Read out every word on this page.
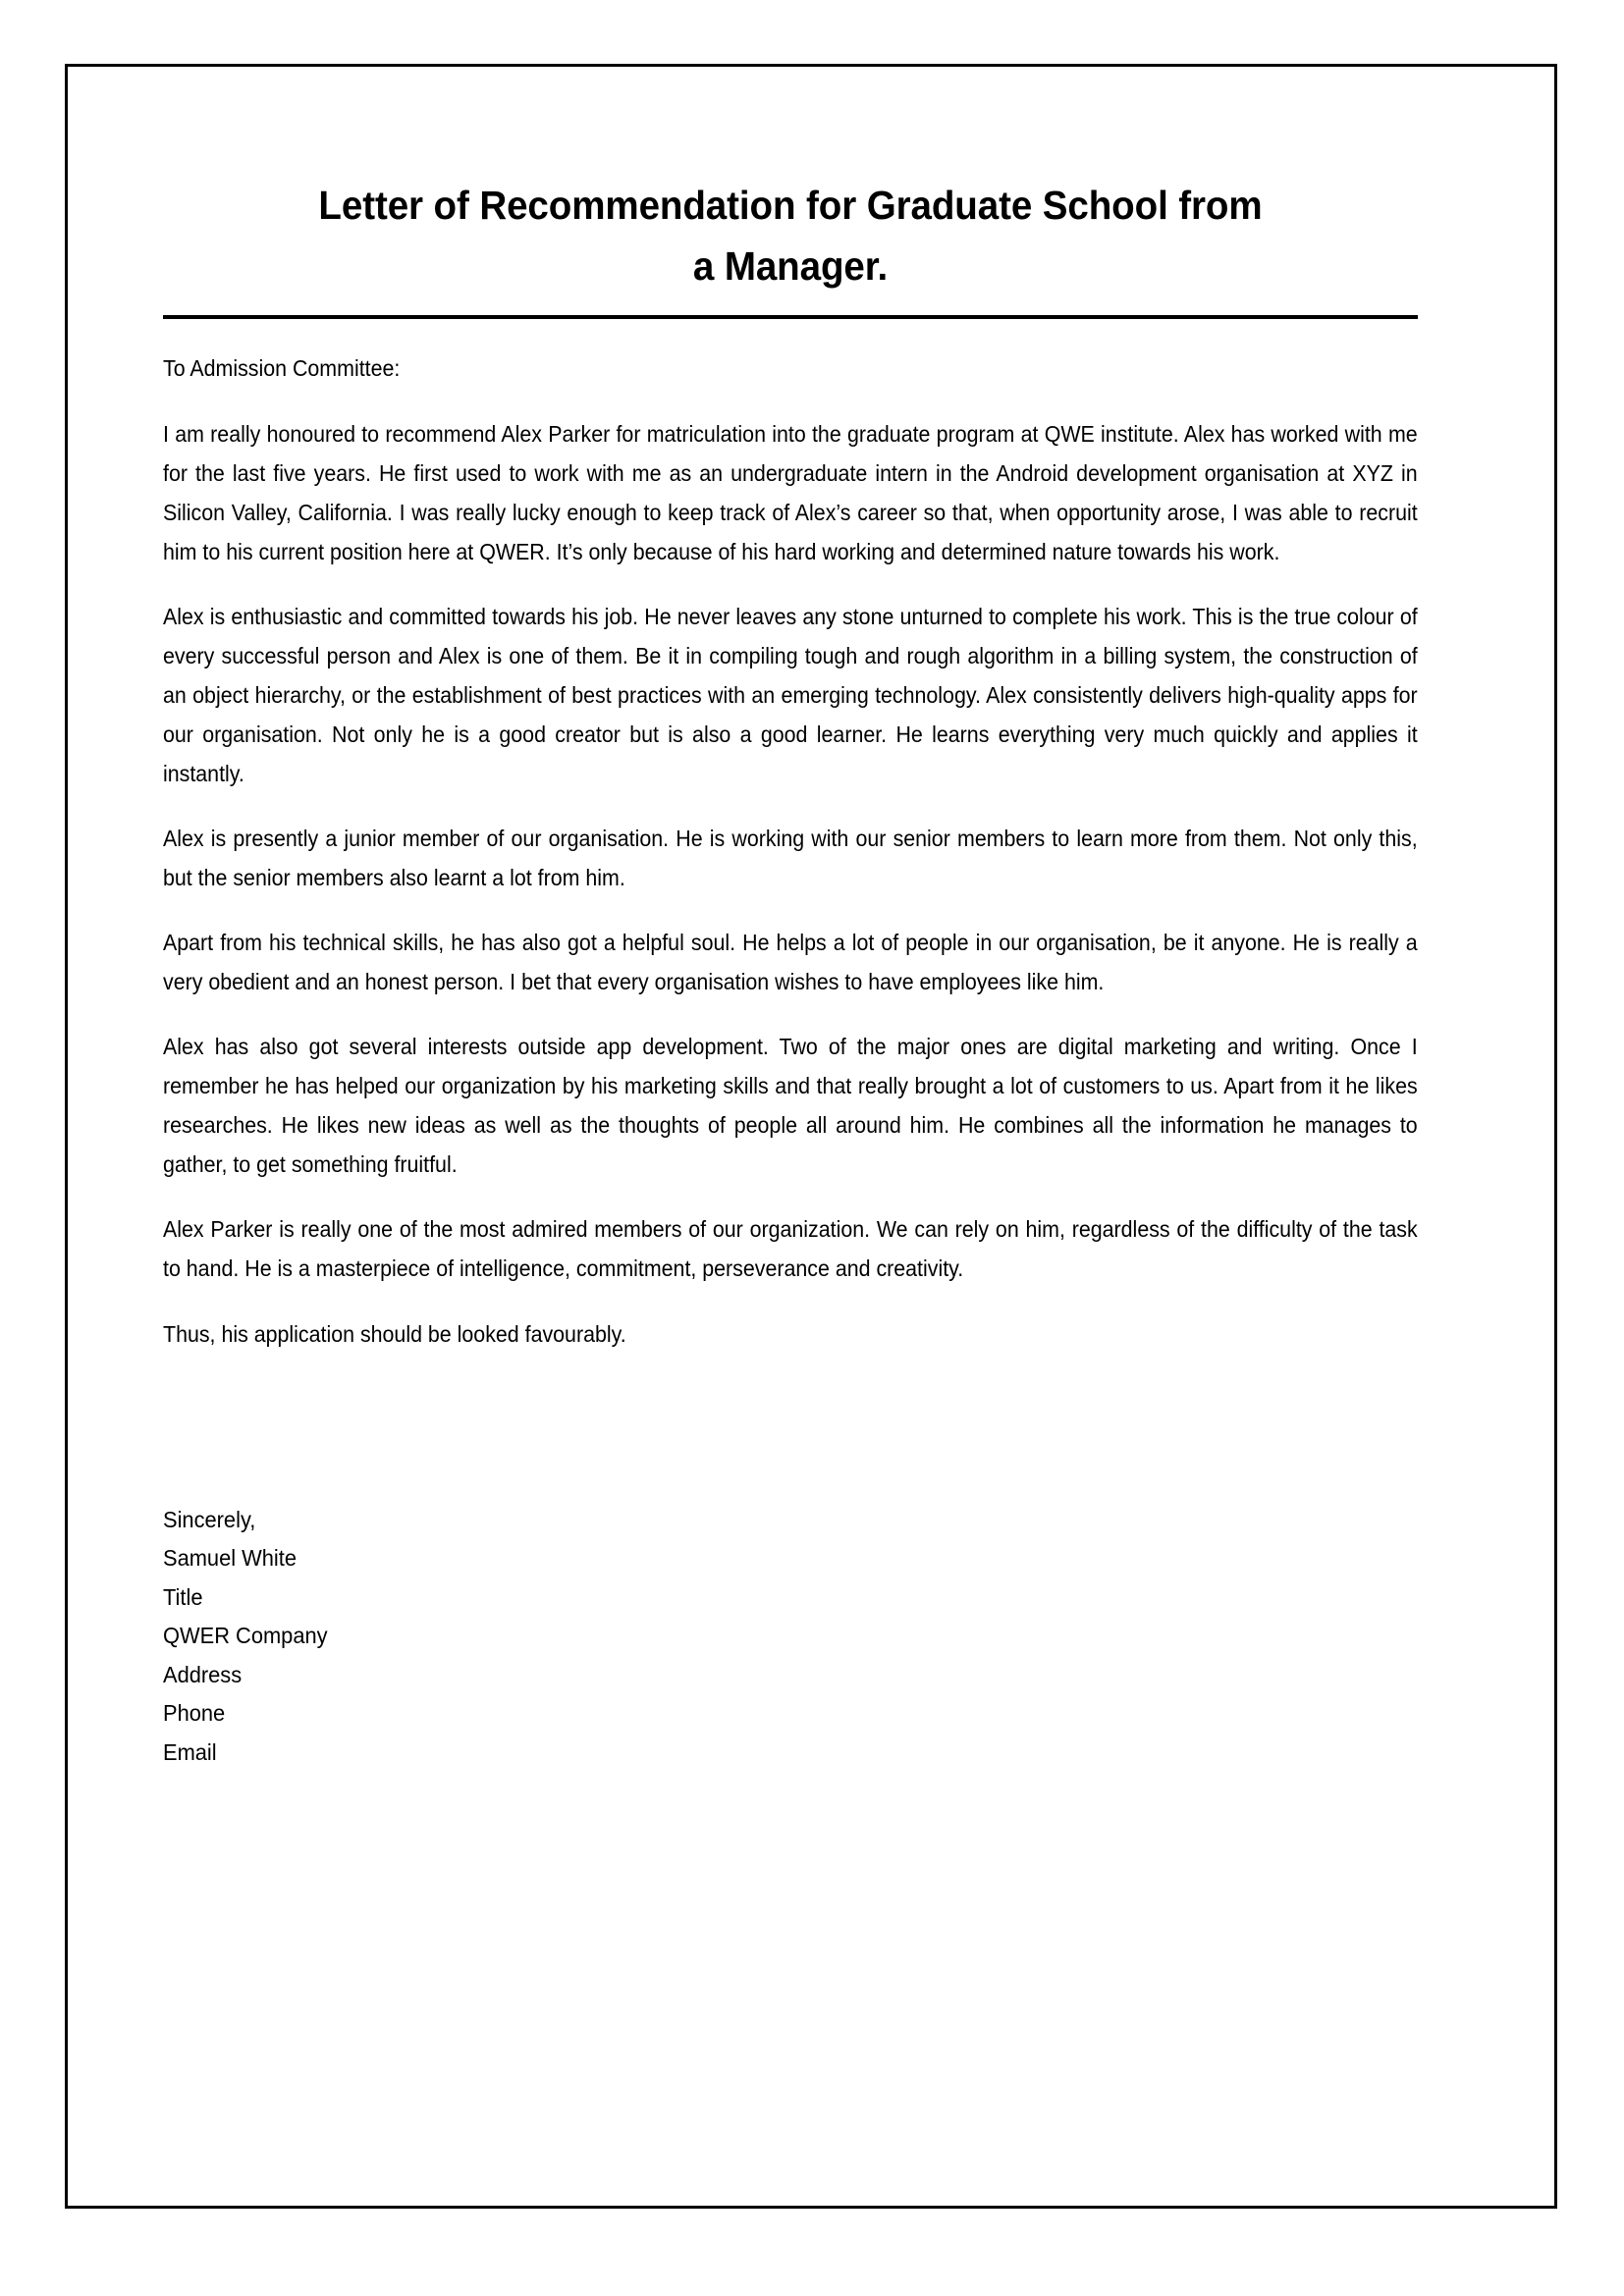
Letter of Recommendation for Graduate School from
a Manager.

To Admission Committee:

I am really honoured to recommend Alex Parker for matriculation into the graduate program at QWE institute. Alex has worked with me for the last five years. He first used to work with me as an undergraduate intern in the Android development organisation at XYZ in Silicon Valley, California. I was really lucky enough to keep track of Alex’s career so that, when opportunity arose, I was able to recruit him to his current position here at QWER. It’s only because of his hard working and determined nature towards his work.

Alex is enthusiastic and committed towards his job. He never leaves any stone unturned to complete his work. This is the true colour of every successful person and Alex is one of them. Be it in compiling tough and rough algorithm in a billing system, the construction of an object hierarchy, or the establishment of best practices with an emerging technology. Alex consistently delivers high-quality apps for our organisation. Not only he is a good creator but is also a good learner. He learns everything very much quickly and applies it instantly.

Alex is presently a junior member of our organisation. He is working with our senior members to learn more from them. Not only this, but the senior members also learnt a lot from him.

Apart from his technical skills, he has also got a helpful soul. He helps a lot of people in our organisation, be it anyone. He is really a very obedient and an honest person. I bet that every organisation wishes to have employees like him.

Alex has also got several interests outside app development. Two of the major ones are digital marketing and writing. Once I remember he has helped our organization by his marketing skills and that really brought a lot of customers to us. Apart from it he likes researches. He likes new ideas as well as the thoughts of people all around him. He combines all the information he manages to gather, to get something fruitful.

Alex Parker is really one of the most admired members of our organization. We can rely on him, regardless of the difficulty of the task to hand. He is a masterpiece of intelligence, commitment, perseverance and creativity.

Thus, his application should be looked favourably.

Sincerely,
Samuel White
Title
QWER Company
Address
Phone
Email
